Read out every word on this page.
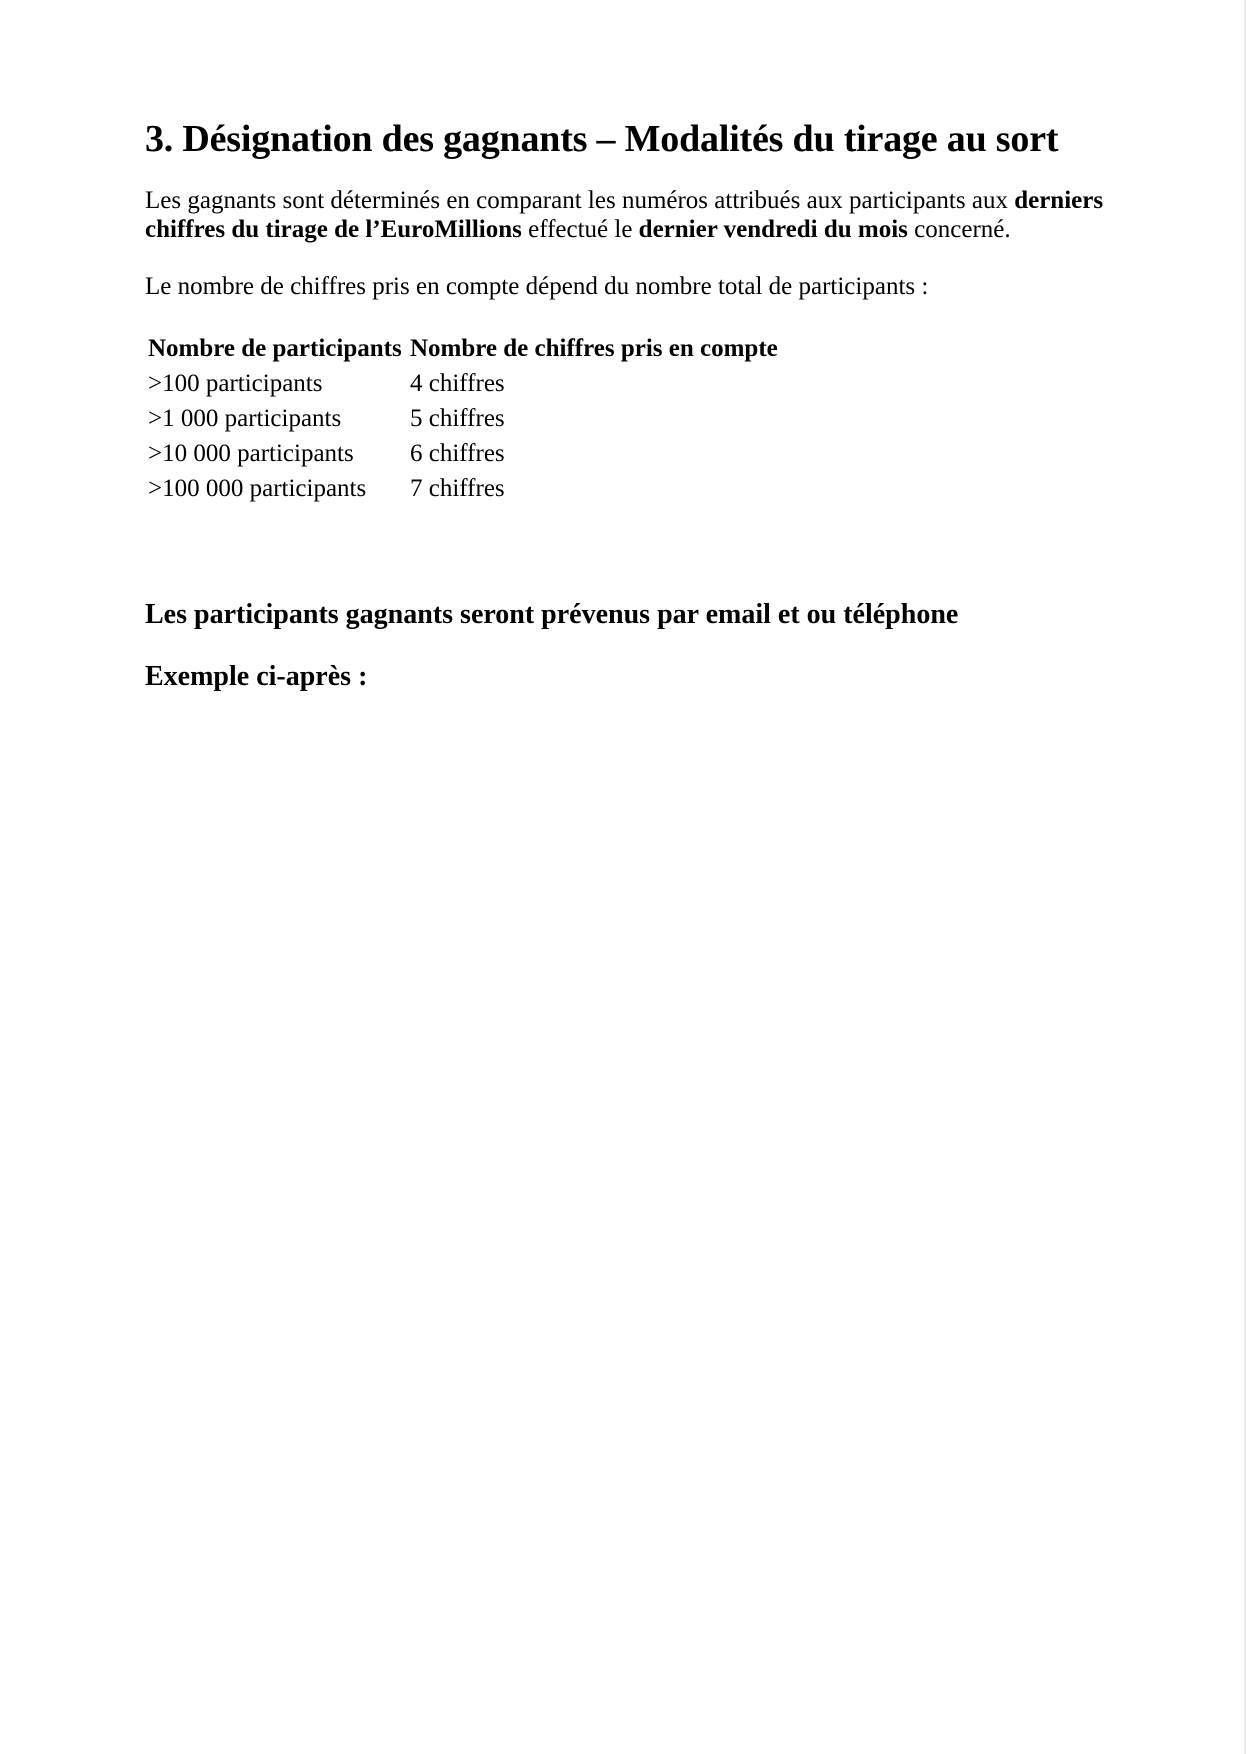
3. Désignation des gagnants – Modalités du tirage au sort

Les gagnants sont déterminés en comparant les numéros attribués aux participants aux derniers chiffres du tirage de l’EuroMillions effectué le dernier vendredi du mois concerné.

Le nombre de chiffres pris en compte dépend du nombre total de participants :

Nombre de participants	Nombre de chiffres pris en compte
>100 participants	4 chiffres
>1 000 participants	5 chiffres
>10 000 participants	6 chiffres
>100 000 participants	7 chiffres

Les participants gagnants seront prévenus par email et ou téléphone

Exemple ci-après :
